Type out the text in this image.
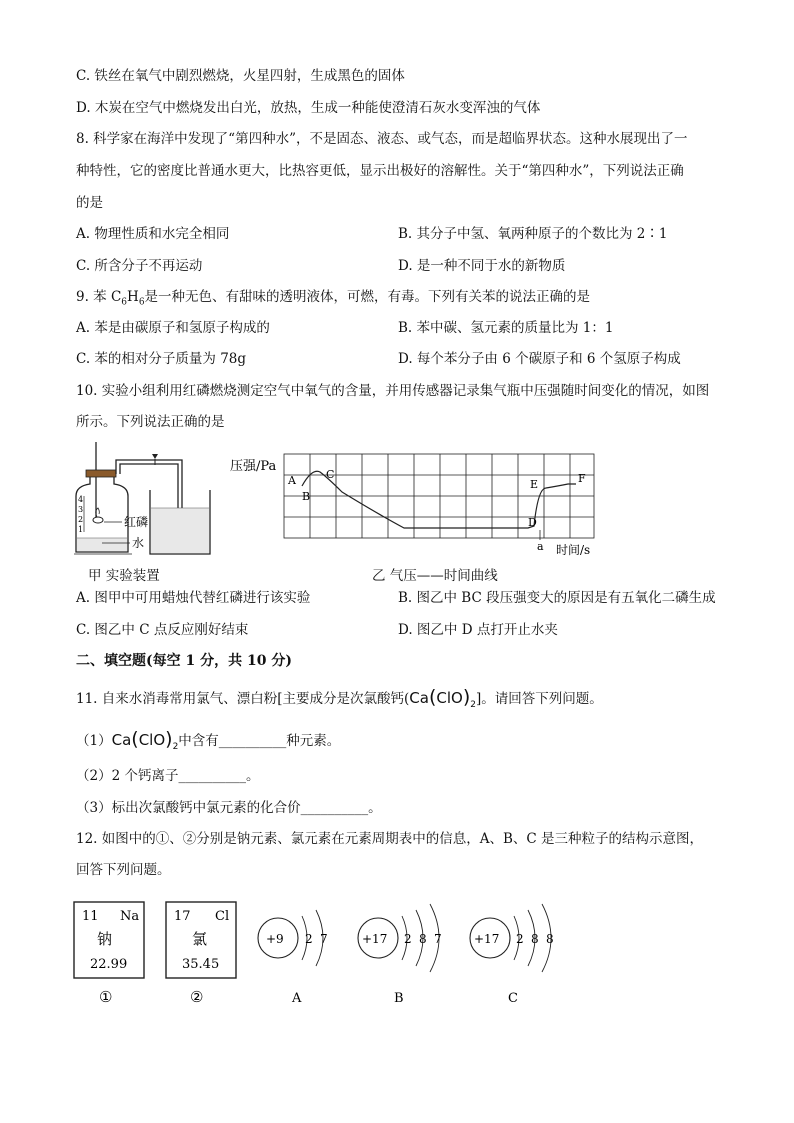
C. 铁丝在氧气中剧烈燃烧，火星四射，生成黑色的固体
D. 木炭在空气中燃烧发出白光，放热，生成一种能使澄清石灰水变浑浊的气体
8. 科学家在海洋中发现了“第四种水”，不是固态、液态、或气态，而是超临界状态。这种水展现出了一
种特性，它的密度比普通水更大，比热容更低，显示出极好的溶解性。关于“第四种水”，下列说法正确
的是
A. 物理性质和水完全相同	B. 其分子中氢、氧两种原子的个数比为 2∶1
C. 所含分子不再运动	D. 是一种不同于水的新物质
9. 苯 $C_6H_6$是一种无色、有甜味的透明液体，可燃，有毒。下列有关苯的说法正确的是
A. 苯是由碳原子和氢原子构成的	B. 苯中碳、氢元素的质量比为 1：1
C. 苯的相对分子质量为 78g	D. 每个苯分子由 6 个碳原子和 6 个氢原子构成
10. 实验小组利用红磷燃烧测定空气中氧气的含量，并用传感器记录集气瓶中压强随时间变化的情况，如图
所示。下列说法正确的是
4
3
2
1
红磷
水
甲 实验装置
压强/Pa
A
B
C
D
E	F
a 时间/s
乙 气压——时间曲线
A. 图甲中可用蜡烛代替红磷进行该实验	B. 图乙中 BC 段压强变大的原因是有五氧化二磷生成
C. 图乙中 C 点反应刚好结束	D. 图乙中 D 点打开止水夹
二、填空题(每空 1 分，共 10 分)
11. 自来水消毒常用氯气、漂白粉[主要成分是次氯酸钙$(Ca(ClO)_2]$。请回答下列问题。
$(1)Ca(ClO)_2$中含有__________种元素。
（2）2 个钙离子__________。
（3）标出次氯酸钙中氯元素的化合价__________。
12. 如图中的①、②分别是钠元素、氯元素在元素周期表中的信息，A、B、C 是三种粒子的结构示意图，
回答下列问题。
11 Na
钠
22.99
①
17 Cl
氯
35.45
②
+9 2 7
A
+17 2 8 7
B
+17 2 8 8
C
